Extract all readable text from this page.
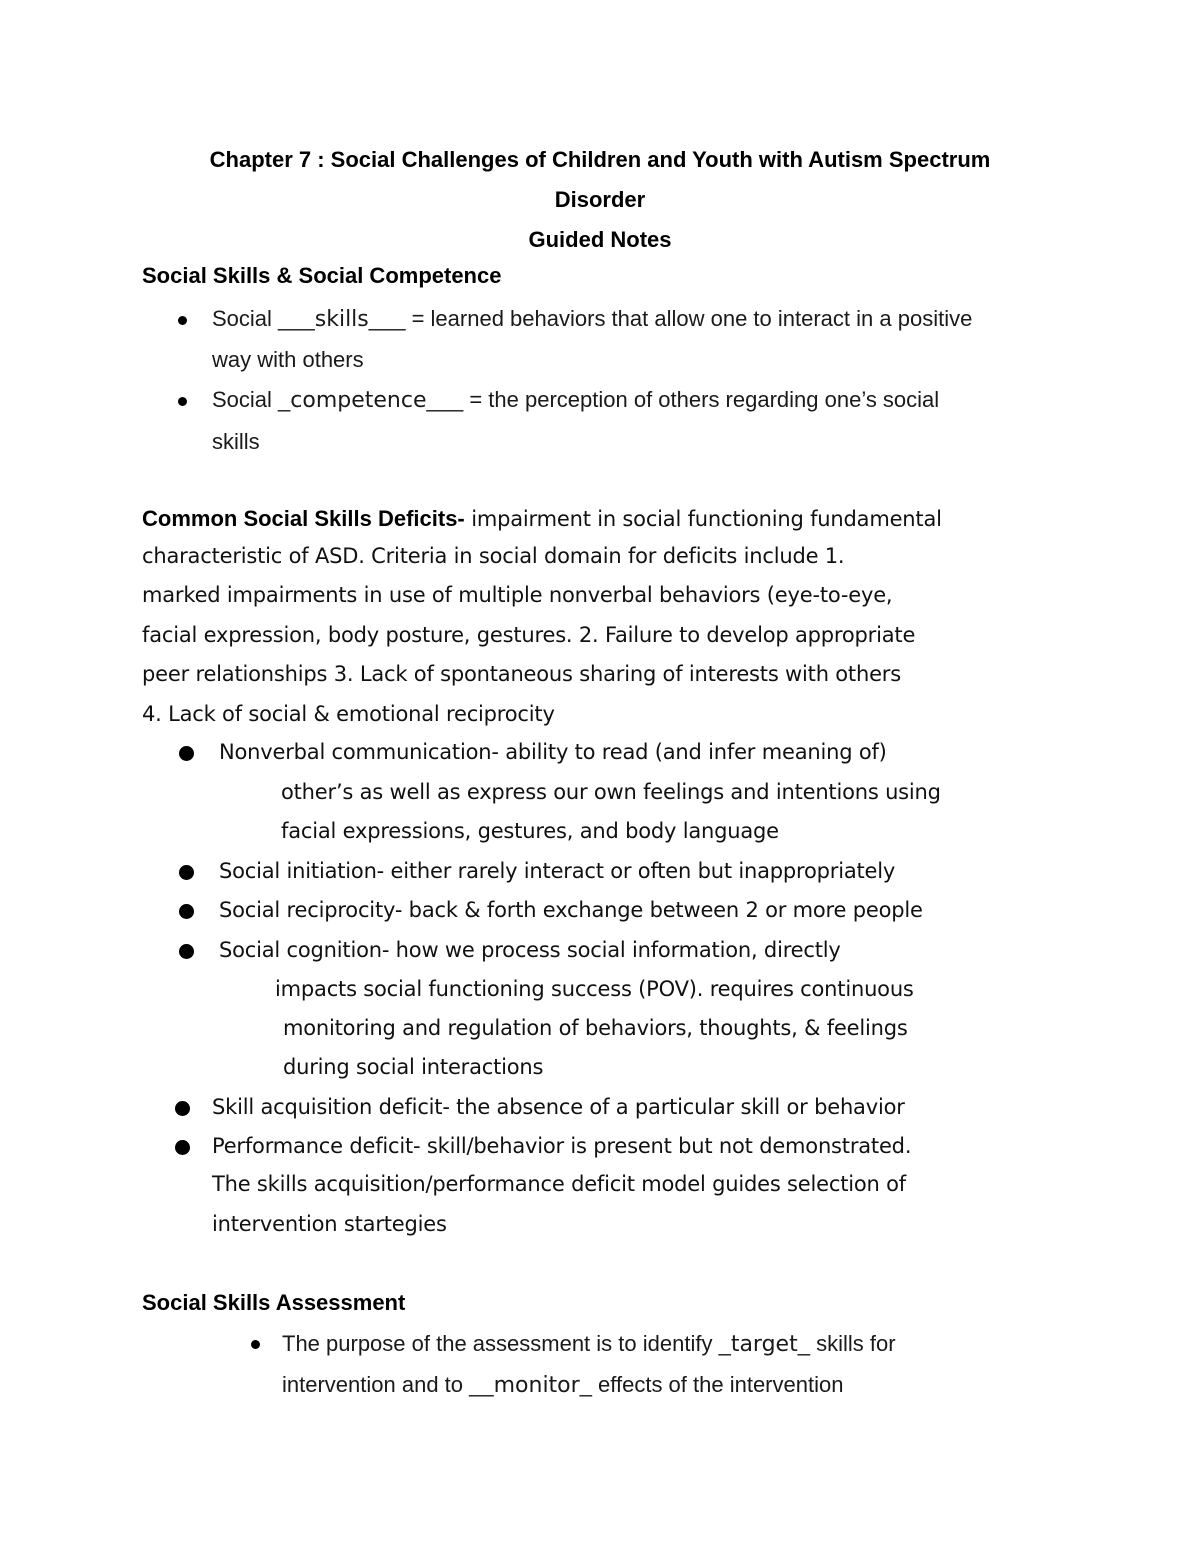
Chapter 7 : Social Challenges of Children and Youth with Autism Spectrum
Disorder
Guided Notes
Social Skills & Social Competence
Social ___skills___ = learned behaviors that allow one to interact in a positive
way with others
Social _competence___ = the perception of others regarding one’s social
skills
Common Social Skills Deficits- impairment in social functioning fundamental
characteristic of ASD. Criteria in social domain for deficits include 1.
marked impairments in use of multiple nonverbal behaviors (eye-to-eye,
facial expression, body posture, gestures. 2. Failure to develop appropriate
peer relationships 3. Lack of spontaneous sharing of interests with others
4. Lack of social & emotional reciprocity
Nonverbal communication- ability to read (and infer meaning of)
other’s as well as express our own feelings and intentions using
facial expressions, gestures, and body language
Social initiation- either rarely interact or often but inappropriately
Social reciprocity- back & forth exchange between 2 or more people
Social cognition- how we process social information, directly
impacts social functioning success (POV). requires continuous
monitoring and regulation of behaviors, thoughts, & feelings
during social interactions
Skill acquisition deficit- the absence of a particular skill or behavior
Performance deficit- skill/behavior is present but not demonstrated.
The skills acquisition/performance deficit model guides selection of
intervention startegies
Social Skills Assessment
The purpose of the assessment is to identify _target_ skills for
intervention and to __monitor_ effects of the intervention
